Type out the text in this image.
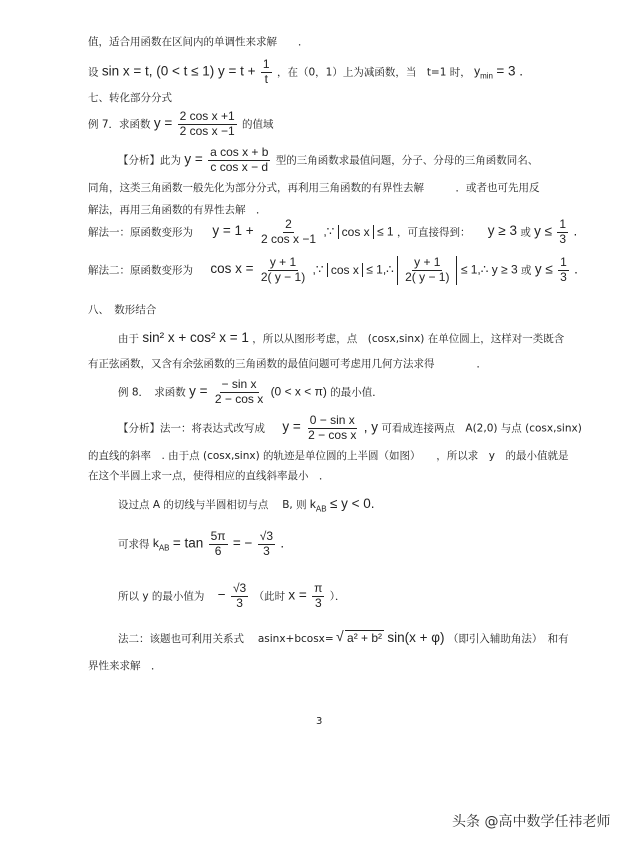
值，适合用函数在区间内的单调性来求解　　．
设 sin x = t, (0 < t ≤ 1) $y = t + \frac{1}{t}$ ，在（0，1）上为减函数，当　t=1 时， $y_{min} = 3$ .
七、转化部分分式
例 7．求函数 $y = \frac{\text{2 cos x +1}}{\text{2 cos x −1}}$ 的值域
【分析】此为 $y = \frac{\text{a cos x + b}}{\text{c cos x − d}}$ 型的三角函数求最值问题，分子、分母的三角函数同名、
同角，这类三角函数一般先化为部分分式，再利用三角函数的有界性去解　　　．或者也可先用反
解法，再用三角函数的有界性去解　．
解法一：原函数变形为 $y = 1 + \frac{2}{\text{2 cos x −1}}$ ,∵ cos x ≤ 1 ，可直接得到： y ≥ 3 或 $y \le \frac{1}{3}$ .
解法二：原函数变形为 $\cos x = \frac{y + 1}{2( y - 1)}$ ,∵ cos x ≤ 1,∴ $\frac{y + 1}{2( y - 1)}$ ≤ 1,∴ y ≥ 3 或 $y \le \frac{1}{3}$ .
八、　数形结合
由于 sin² x + cos² x = 1 ，所以从图形考虑，点　(cosx,sinx) 在单位圆上，这样对一类既含
有正弦函数，又含有余弦函数的三角函数的最值问题可考虑用几何方法求得　　　　．
例 8．　求函数 $y = \frac{\text{− sin x}}{\text{2 − cos x}} (0 < x < \pi)$ 的最小值．
【分析】法一：将表达式改写成 $y = \frac{\text{0 − sin x}}{\text{2 − cos x}}$ , y 可看成连接两点　A(2,0) 与点 (cosx,sinx)
的直线的斜率　. 由于点 (cosx,sinx) 的轨迹是单位圆的上半圆（如图）　　，所以求　y　的最小值就是
在这个半圆上求一点，使得相应的直线斜率最小　．
设过点 A 的切线与半圆相切与点　 B, 则 $k_{AB} \le y < 0$.
可求得 $k_{AB} = \tan \frac{5\pi}{6}$ = − $\frac{√3}{3}$ .
所以 y 的最小值为 − $\frac{√3}{3}$ （此时 $x = \frac{\pi}{3}$ ）．
法二：该题也可利用关系式　 asinx+bcosx= √ a² + b² sin(x + φ) （即引入辅助角法）　和有
界性来求解　．
3
头条 @高中数学任祎老师
